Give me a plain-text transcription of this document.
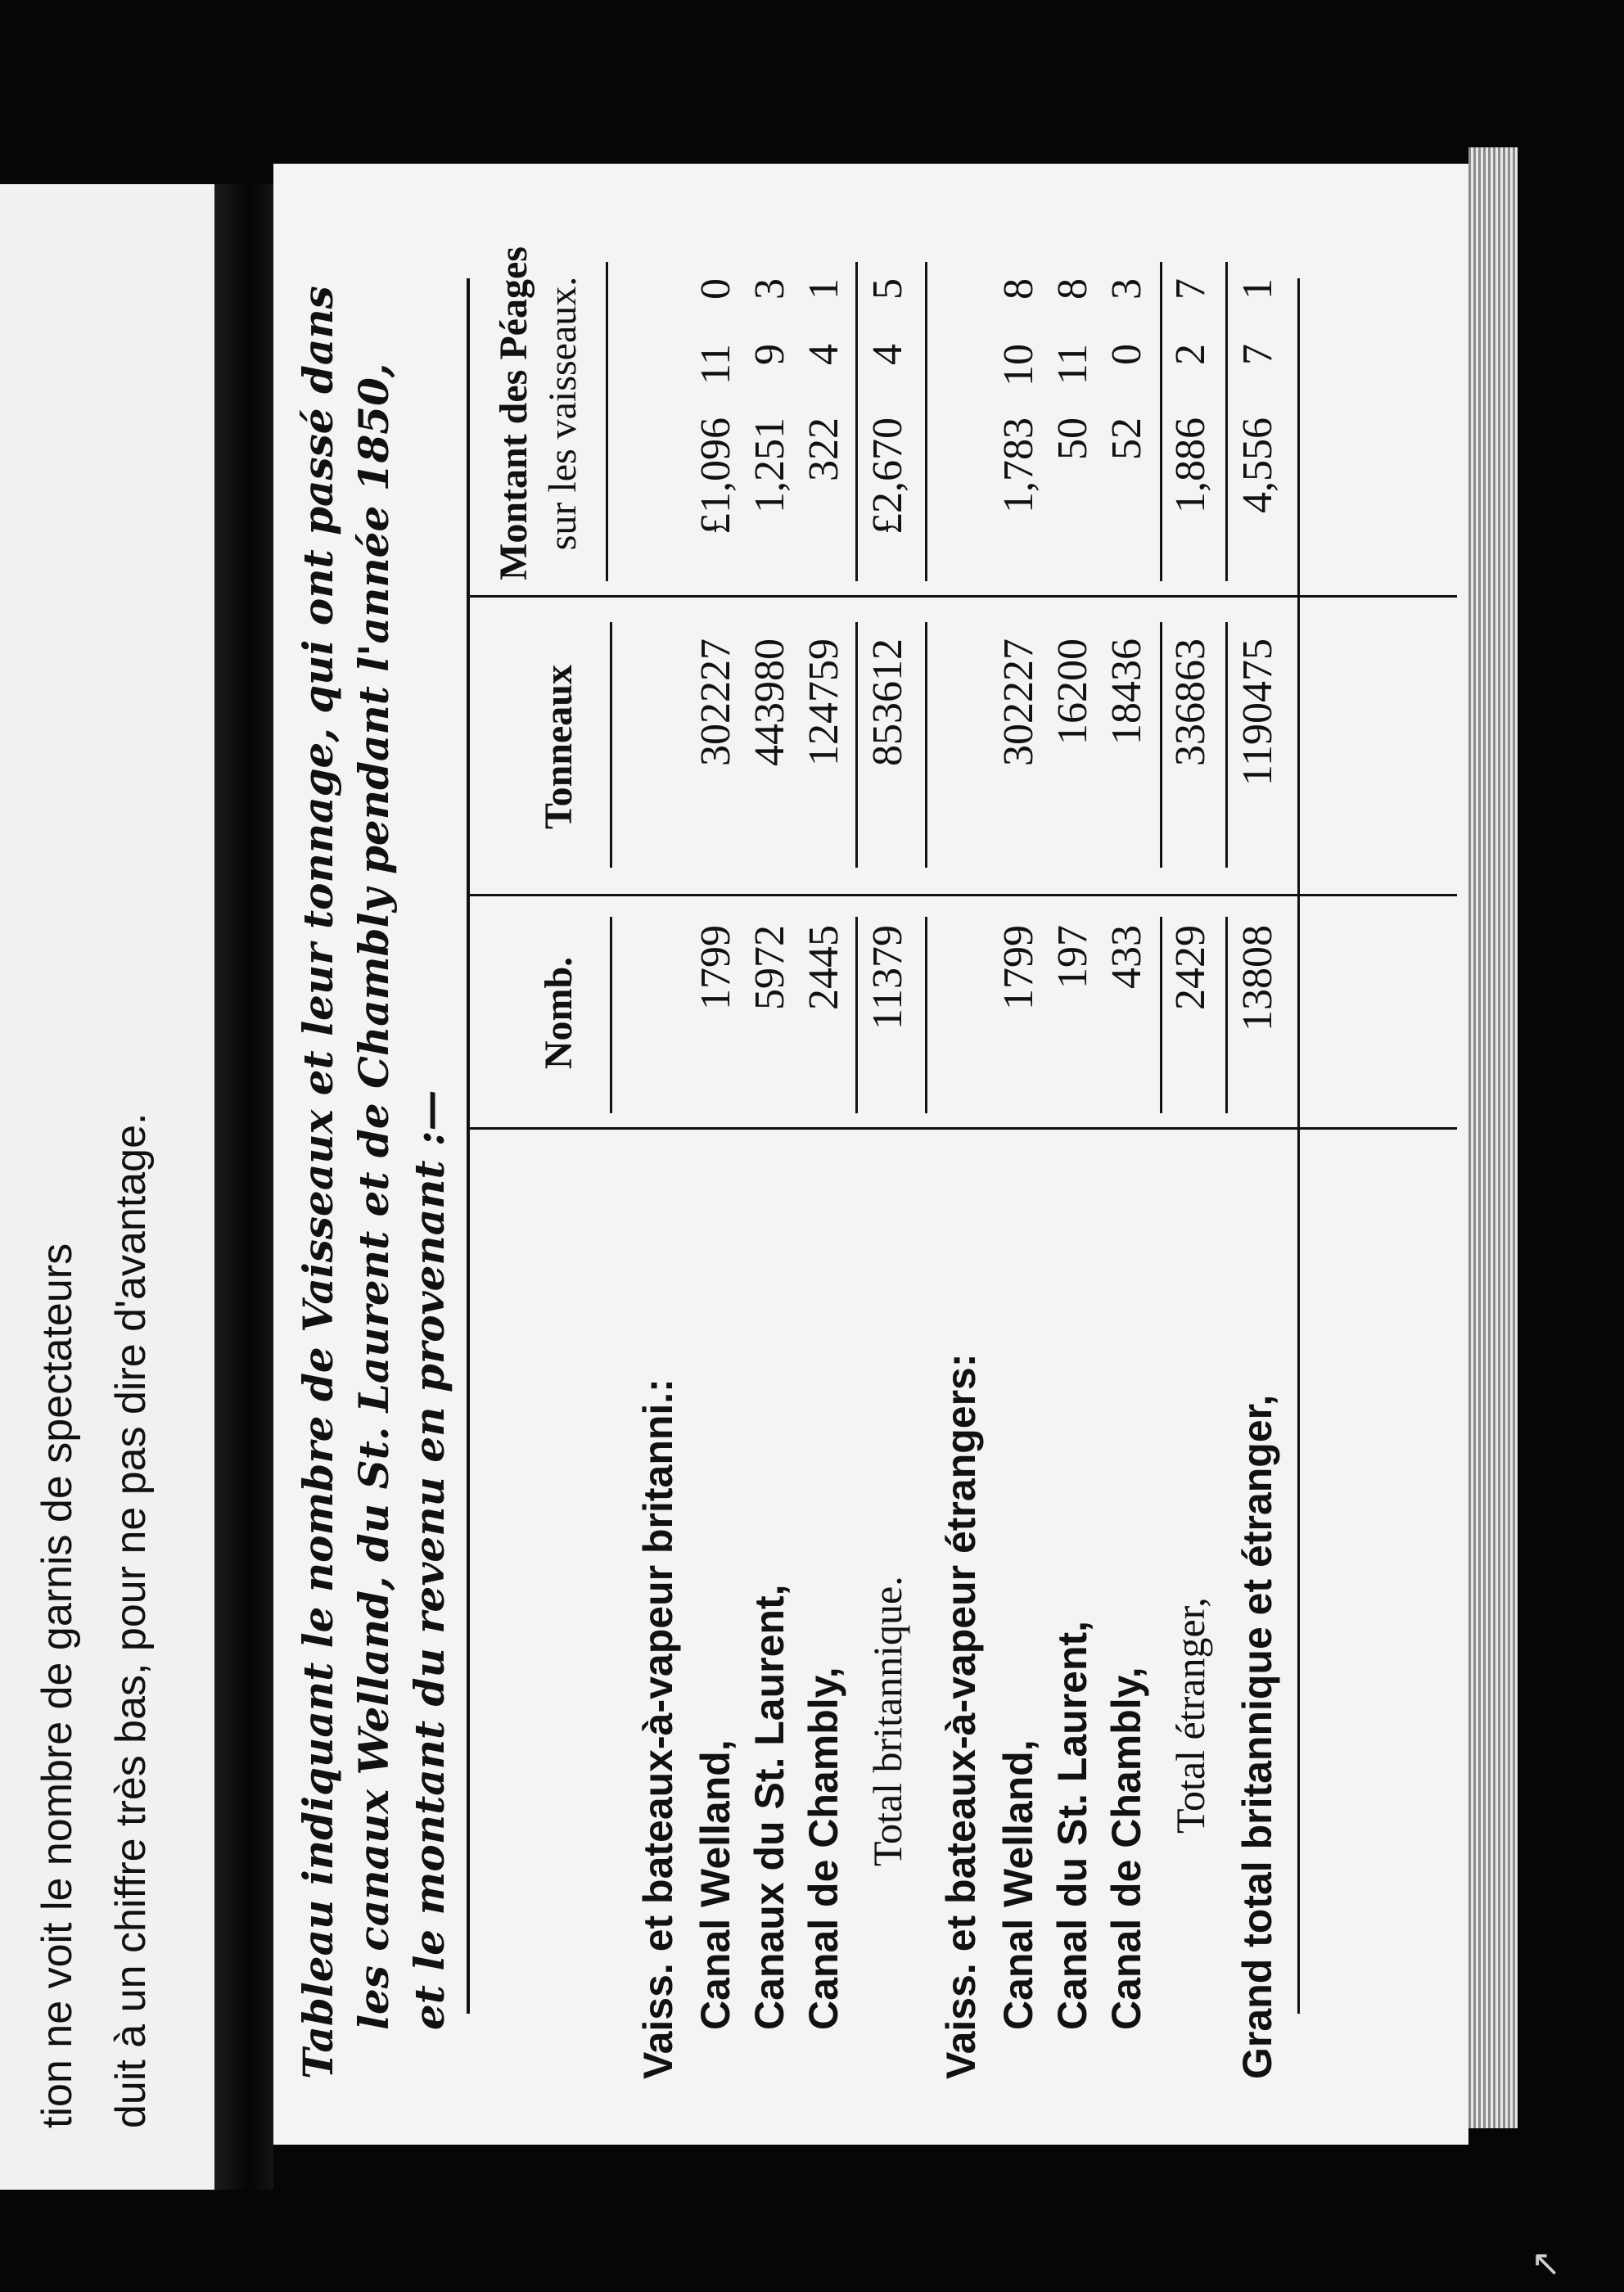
tion ne voit le nombre de garnis de spectateurs duit à un chiffre très bas, pour ne pas dire d'avantage.	Tableau indiquant le nombre de Vaisseaux et leur tonnage, qui ont passé dans les canaux Welland, du St. Laurent et de Chambly pendant l'année 1850, et le montant du revenu en provenant :—
Nomb.
Tonneaux
Montant des Péages sur les vaisseaux.
Vaiss. et bateaux-à-vapeur britanni.: Canal Welland,
1799
302227
£1,096
11
0
Canaux du St. Laurent,
5972
443980
1,251
9
3
Canal de Chambly,
2445
124759
322
4
1
Total britannique.
11379
853612
£2,670
4
5
Vaiss. et bateaux-à-vapeur étrangers: Canal Welland,
1799
302227
1,783
10
8
Canal du St. Laurent,
197
16200
50
11
8
Canal de Chambly,
433
18436
52
0
3
Total étranger,
2429
336863
1,886
2
7
Grand total britannique et étranger,
13808
1190475
4,556
7
1
↖
